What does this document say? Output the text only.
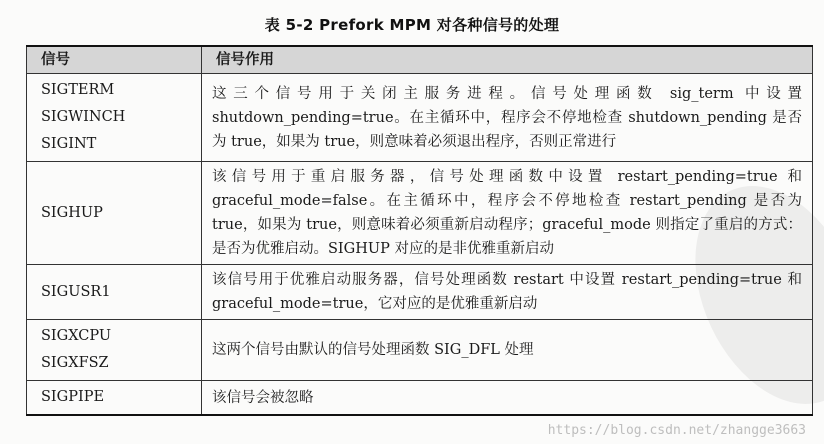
表 5-2 Prefork MPM 对各种信号的处理
信号	信号作用

SIGTERM
SIGWINCH
SIGINT	这三个信号用于关闭主服务进程。信号处理函数 sig_term 中设置 shutdown_pending=true。在主循环中，程序会不停地检查 shutdown_pending 是否为 true，如果为 true，则意味着必须退出程序，否则正常进行

SIGHUP	该信号用于重启服务器，信号处理函数中设置 restart_pending=true 和 graceful_mode=false。在主循环中，程序会不停地检查 restart_pending 是否为 true，如果为 true，则意味着必须重新启动程序；graceful_mode 则指定了重启的方式：是否为优雅启动。SIGHUP 对应的是非优雅重新启动

SIGUSR1	该信号用于优雅启动服务器，信号处理函数 restart 中设置 restart_pending=true 和 graceful_mode=true，它对应的是优雅重新启动

SIGXCPU
SIGXFSZ	这两个信号由默认的信号处理函数 SIG_DFL 处理

SIGPIPE	该信号会被忽略
https://blog.csdn.net/zhangge3663
